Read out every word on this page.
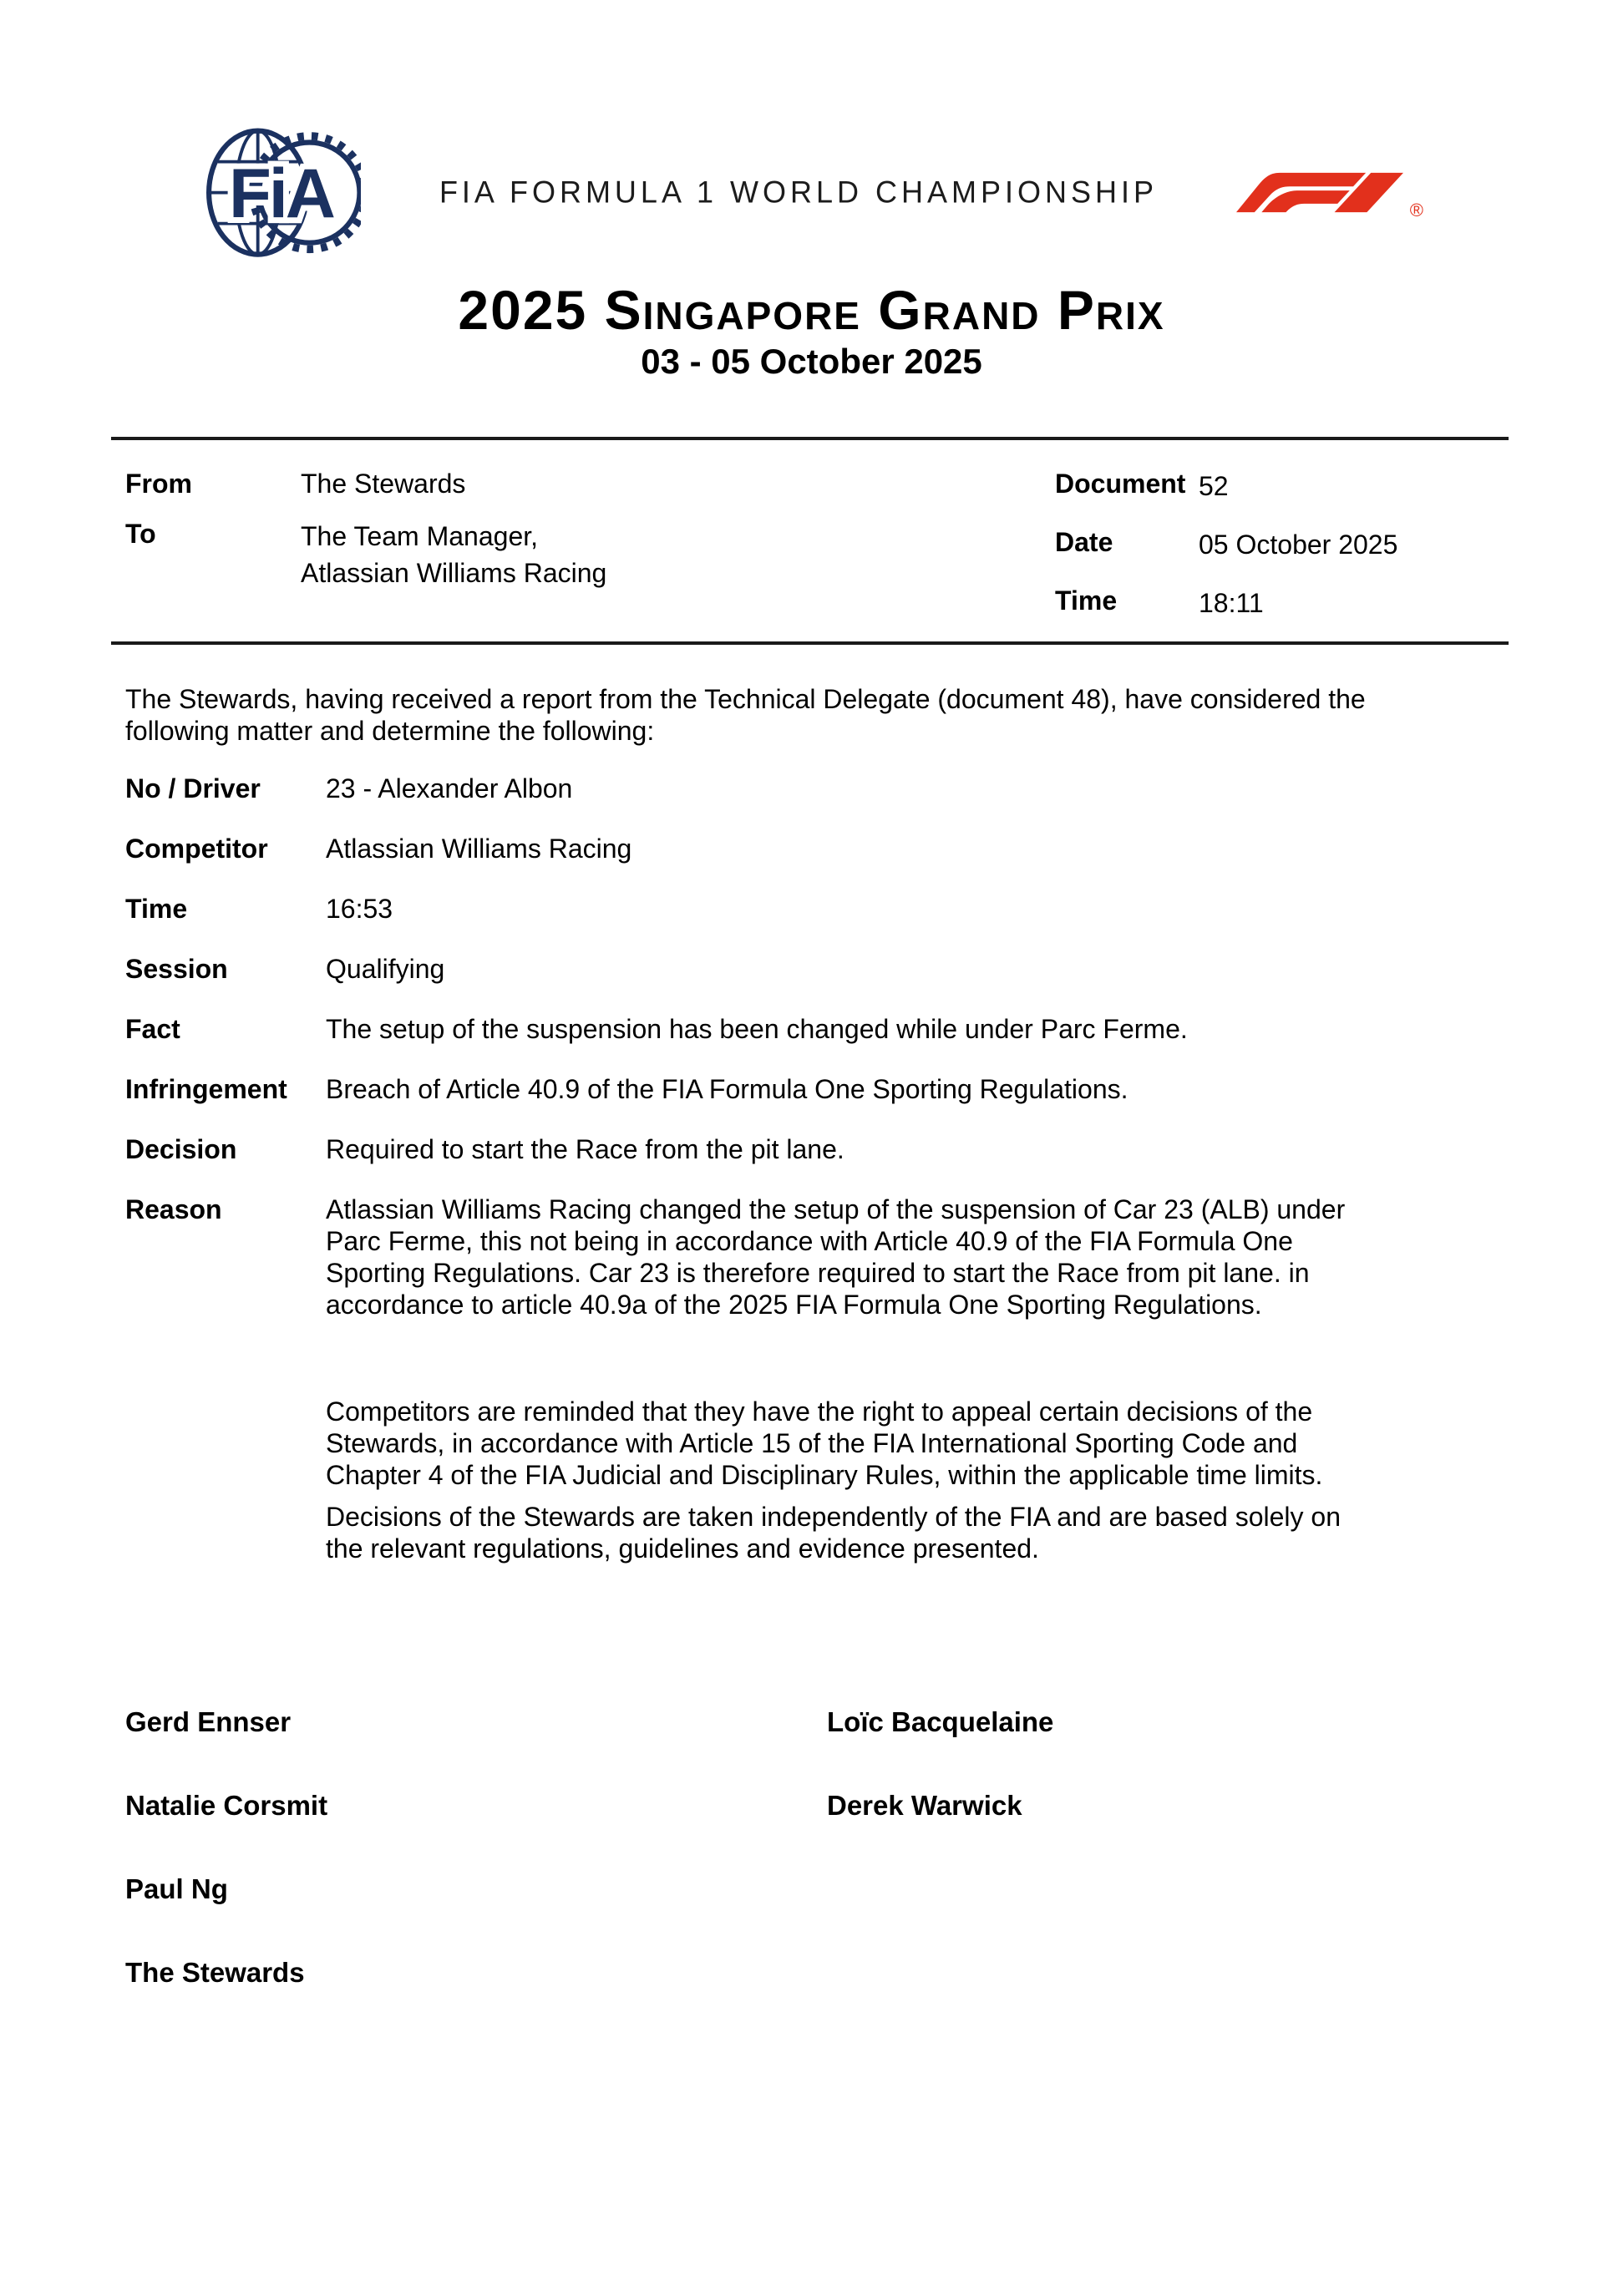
FiA	FIA FORMULA 1 WORLD CHAMPIONSHIP
®
2025 Singapore Grand Prix
03 - 05 October 2025
From	The Stewards
To	The Team Manager,
Atlassian Williams Racing
Document 52
Date	05 October 2025
Time	18:11

The Stewards, having received a report from the Technical Delegate (document 48), have considered the following matter and determine the following:

No / Driver	23 - Alexander Albon
Competitor	Atlassian Williams Racing
Time	16:53
Session	Qualifying
Fact	The setup of the suspension has been changed while under Parc Ferme.
Infringement	Breach of Article 40.9 of the FIA Formula One Sporting Regulations.
Decision	Required to start the Race from the pit lane.
Reason	Atlassian Williams Racing changed the setup of the suspension of Car 23 (ALB) under Parc Ferme, this not being in accordance with Article 40.9 of the FIA Formula One Sporting Regulations. Car 23 is therefore required to start the Race from pit lane. in accordance to article 40.9a of the 2025 FIA Formula One Sporting Regulations.

Competitors are reminded that they have the right to appeal certain decisions of the Stewards, in accordance with Article 15 of the FIA International Sporting Code and Chapter 4 of the FIA Judicial and Disciplinary Rules, within the applicable time limits.

Decisions of the Stewards are taken independently of the FIA and are based solely on the relevant regulations, guidelines and evidence presented.

Gerd Ennser	Loïc Bacquelaine
Natalie Corsmit	Derek Warwick
Paul Ng
The Stewards
